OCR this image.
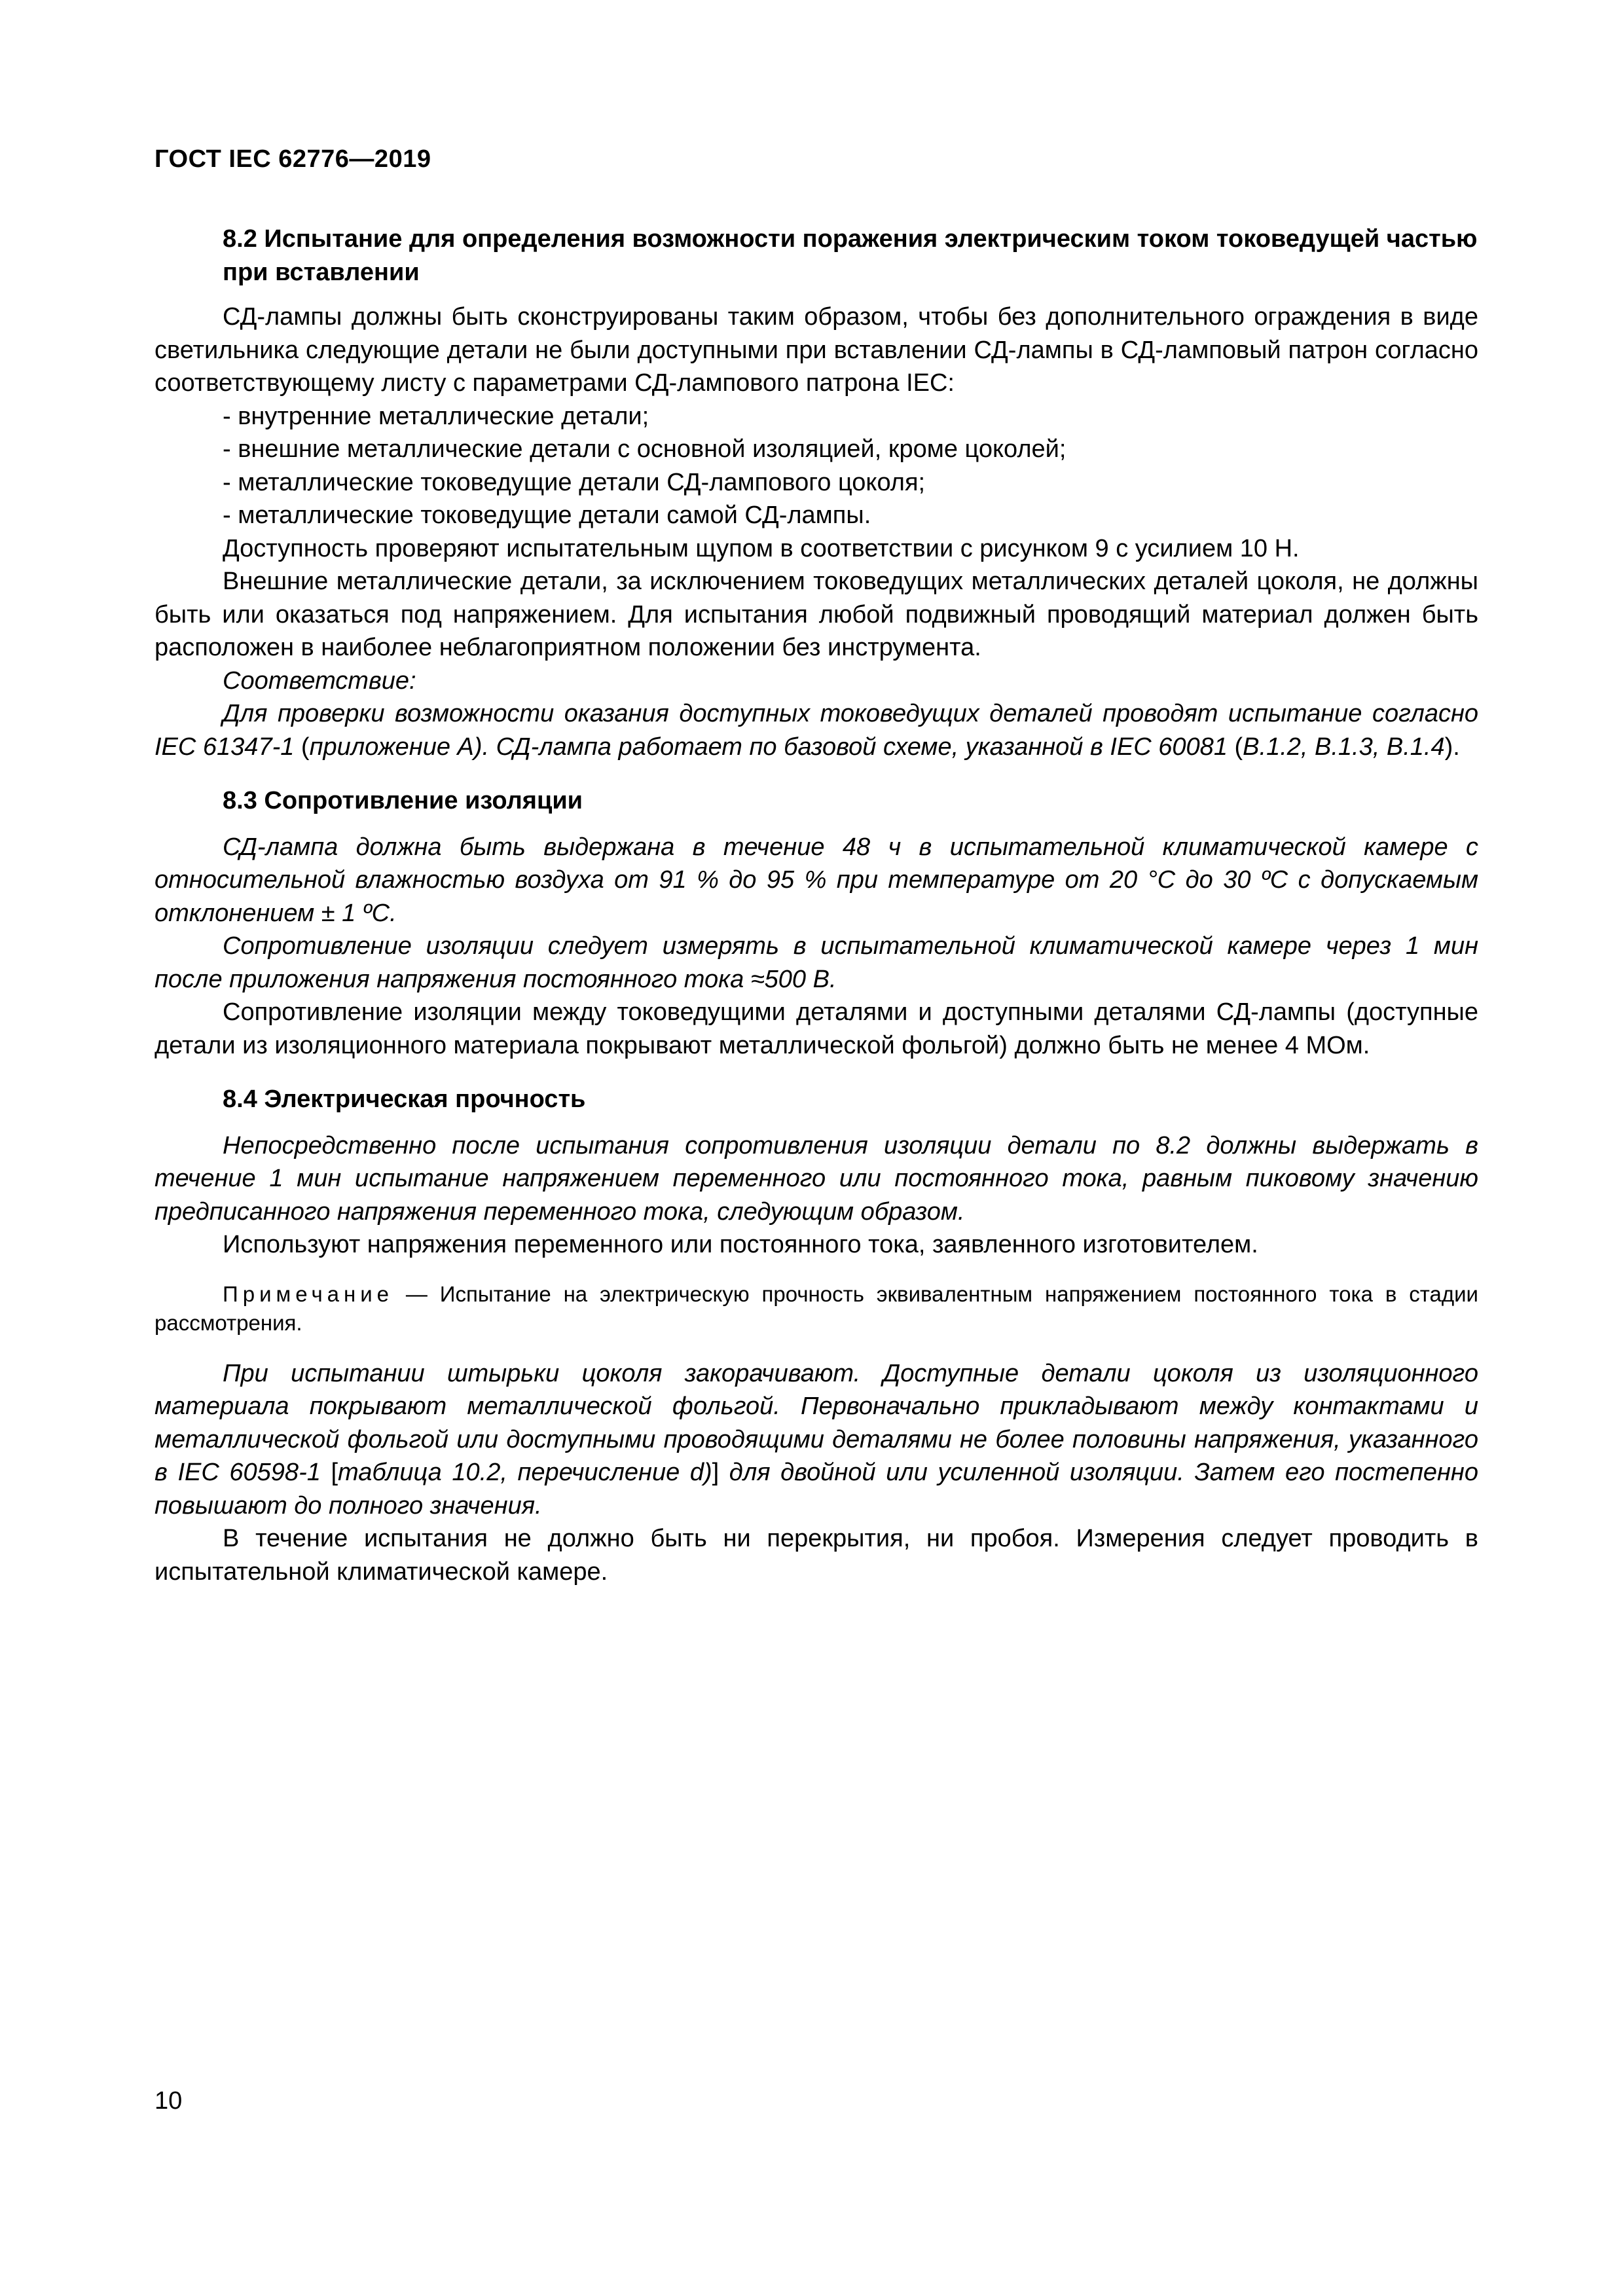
ГОСТ IEC 62776—2019

8.2 Испытание для определения возможности поражения электрическим током токоведущей частью при вставлении

СД-лампы должны быть сконструированы таким образом, чтобы без дополнительного ограждения в виде светильника следующие детали не были доступными при вставлении СД-лампы в СД-ламповый патрон согласно соответствующему листу с параметрами СД-лампового патрона IEC:

- внутренние металлические детали;

- внешние металлические детали с основной изоляцией, кроме цоколей;

- металлические токоведущие детали СД-лампового цоколя;

- металлические токоведущие детали самой СД-лампы.

Доступность проверяют испытательным щупом в соответствии с рисунком 9 с усилием 10 Н.

Внешние металлические детали, за исключением токоведущих металлических деталей цоколя, не должны быть или оказаться под напряжением. Для испытания любой подвижный проводящий материал должен быть расположен в наиболее неблагоприятном положении без инструмента.

Соответствие:

Для проверки возможности оказания доступных токоведущих деталей проводят испытание согласно IEC 61347-1 (приложение А). СД-лампа работает по базовой схеме, указанной в IEC 60081 (В.1.2, В.1.3, В.1.4).

8.3 Сопротивление изоляции

СД-лампа должна быть выдержана в течение 48 ч в испытательной климатической камере с относительной влажностью воздуха от 91 % до 95 % при температуре от 20 °С до 30 ºС с допускаемым отклонением ± 1 ºС.

Сопротивление изоляции следует измерять в испытательной климатической камере через 1 мин после приложения напряжения постоянного тока ≈500 В.

Сопротивление изоляции между токоведущими деталями и доступными деталями СД-лампы (доступные детали из изоляционного материала покрывают металлической фольгой) должно быть не менее 4 МОм.

8.4 Электрическая прочность

Непосредственно после испытания сопротивления изоляции детали по 8.2 должны выдержать в течение 1 мин испытание напряжением переменного или постоянного тока, равным пиковому значению предписанного напряжения переменного тока, следующим образом.

Используют напряжения переменного или постоянного тока, заявленного изготовителем.

Примечание — Испытание на электрическую прочность эквивалентным напряжением постоянного тока в стадии рассмотрения.

При испытании штырьки цоколя закорачивают. Доступные детали цоколя из изоляционного материала покрывают металлической фольгой. Первоначально прикладывают между контактами и металлической фольгой или доступными проводящими деталями не более половины напряжения, указанного в IEC 60598-1 [таблица 10.2, перечисление d)] для двойной или усиленной изоляции. Затем его постепенно повышают до полного значения.

В течение испытания не должно быть ни перекрытия, ни пробоя. Измерения следует проводить в испытательной климатической камере.

10
